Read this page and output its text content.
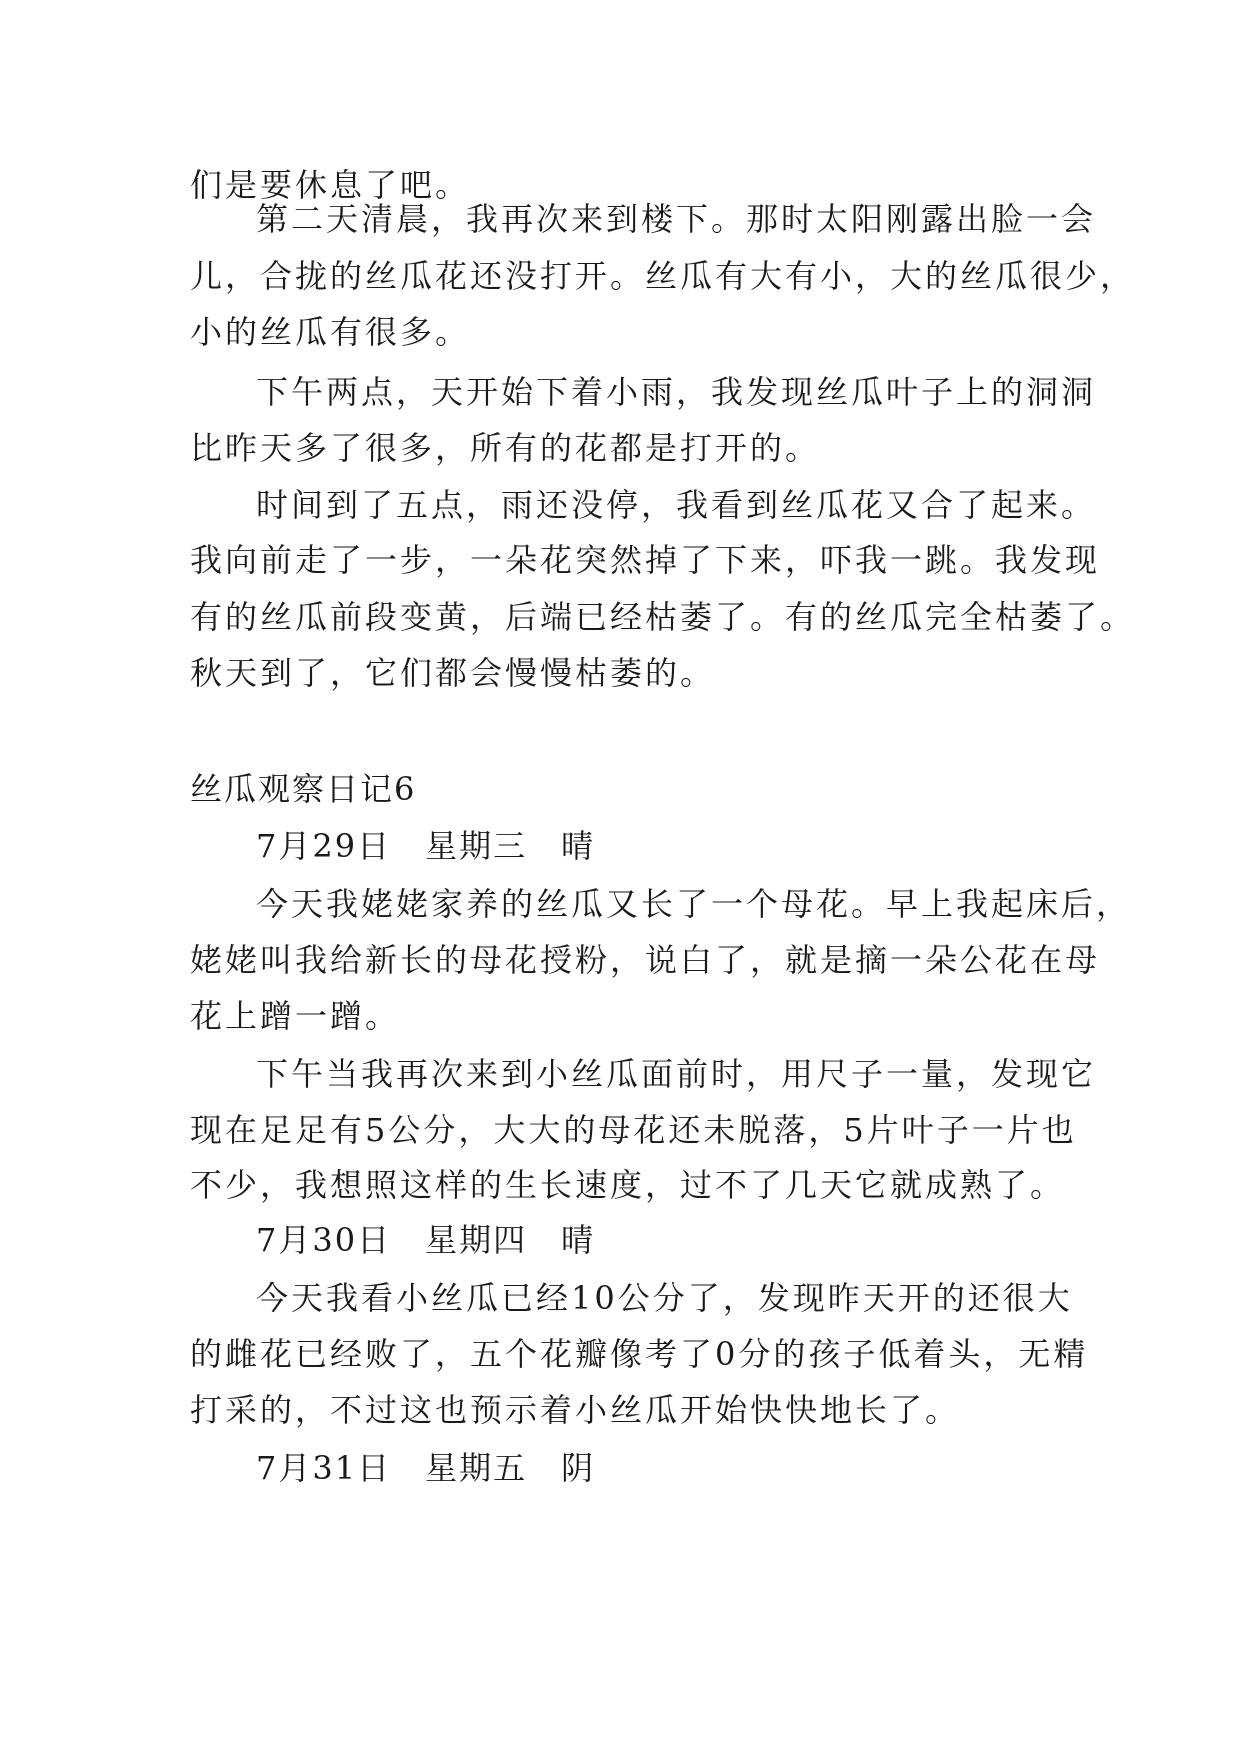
们是要休息了吧。
第二天清晨，我再次来到楼下。那时太阳刚露出脸一会
儿，合拢的丝瓜花还没打开。丝瓜有大有小，大的丝瓜很少，
小的丝瓜有很多。
下午两点，天开始下着小雨，我发现丝瓜叶子上的洞洞
比昨天多了很多，所有的花都是打开的。
时间到了五点，雨还没停，我看到丝瓜花又合了起来。
我向前走了一步，一朵花突然掉了下来，吓我一跳。我发现
有的丝瓜前段变黄，后端已经枯萎了。有的丝瓜完全枯萎了。
秋天到了，它们都会慢慢枯萎的。
丝瓜观察日记6
7月29日 星期三 晴
今天我姥姥家养的丝瓜又长了一个母花。早上我起床后，
姥姥叫我给新长的母花授粉，说白了，就是摘一朵公花在母
花上蹭一蹭。
下午当我再次来到小丝瓜面前时，用尺子一量，发现它
现在足足有5公分，大大的母花还未脱落，5片叶子一片也
不少，我想照这样的生长速度，过不了几天它就成熟了。
7月30日 星期四 晴
今天我看小丝瓜已经10公分了，发现昨天开的还很大
的雌花已经败了，五个花瓣像考了0分的孩子低着头，无精
打采的，不过这也预示着小丝瓜开始快快地长了。
7月31日 星期五 阴
